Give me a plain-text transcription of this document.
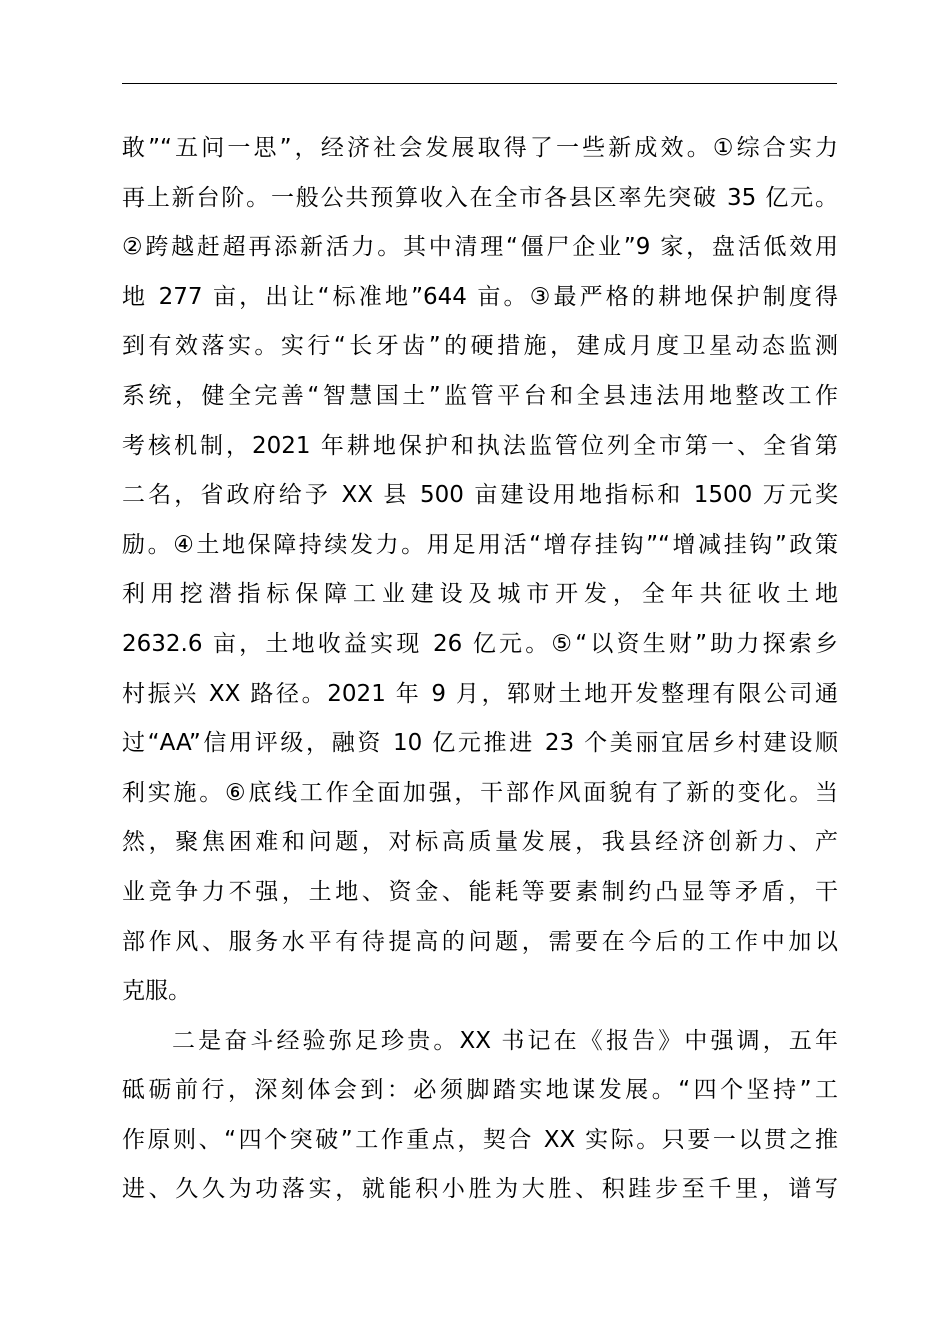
敢”“五问一思”，经济社会发展取得了一些新成效。①综合实力
再上新台阶。一般公共预算收入在全市各县区率先突破 35 亿元。
②跨越赶超再添新活力。其中清理“僵尸企业”9 家，盘活低效用
地 277 亩，出让“标准地”644 亩。③最严格的耕地保护制度得
到有效落实。实行“长牙齿”的硬措施，建成月度卫星动态监测
系统，健全完善“智慧国土”监管平台和全县违法用地整改工作
考核机制，2021 年耕地保护和执法监管位列全市第一、全省第
二名，省政府给予 XX 县 500 亩建设用地指标和 1500 万元奖
励。④土地保障持续发力。用足用活“增存挂钩”“增减挂钩”政策
利用挖潜指标保障工业建设及城市开发，全年共征收土地
2632.6 亩，土地收益实现 26 亿元。⑤“以资生财”助力探索乡
村振兴 XX 路径。2021 年 9 月，郓财土地开发整理有限公司通
过“AA”信用评级，融资 10 亿元推进 23 个美丽宜居乡村建设顺
利实施。⑥底线工作全面加强，干部作风面貌有了新的变化。当
然，聚焦困难和问题，对标高质量发展，我县经济创新力、产
业竞争力不强，土地、资金、能耗等要素制约凸显等矛盾，干
部作风、服务水平有待提高的问题，需要在今后的工作中加以
克服。
二是奋斗经验弥足珍贵。XX 书记在《报告》中强调，五年
砥砺前行，深刻体会到：必须脚踏实地谋发展。“四个坚持”工
作原则、“四个突破”工作重点，契合 XX 实际。只要一以贯之推
进、久久为功落实，就能积小胜为大胜、积跬步至千里，谱写
